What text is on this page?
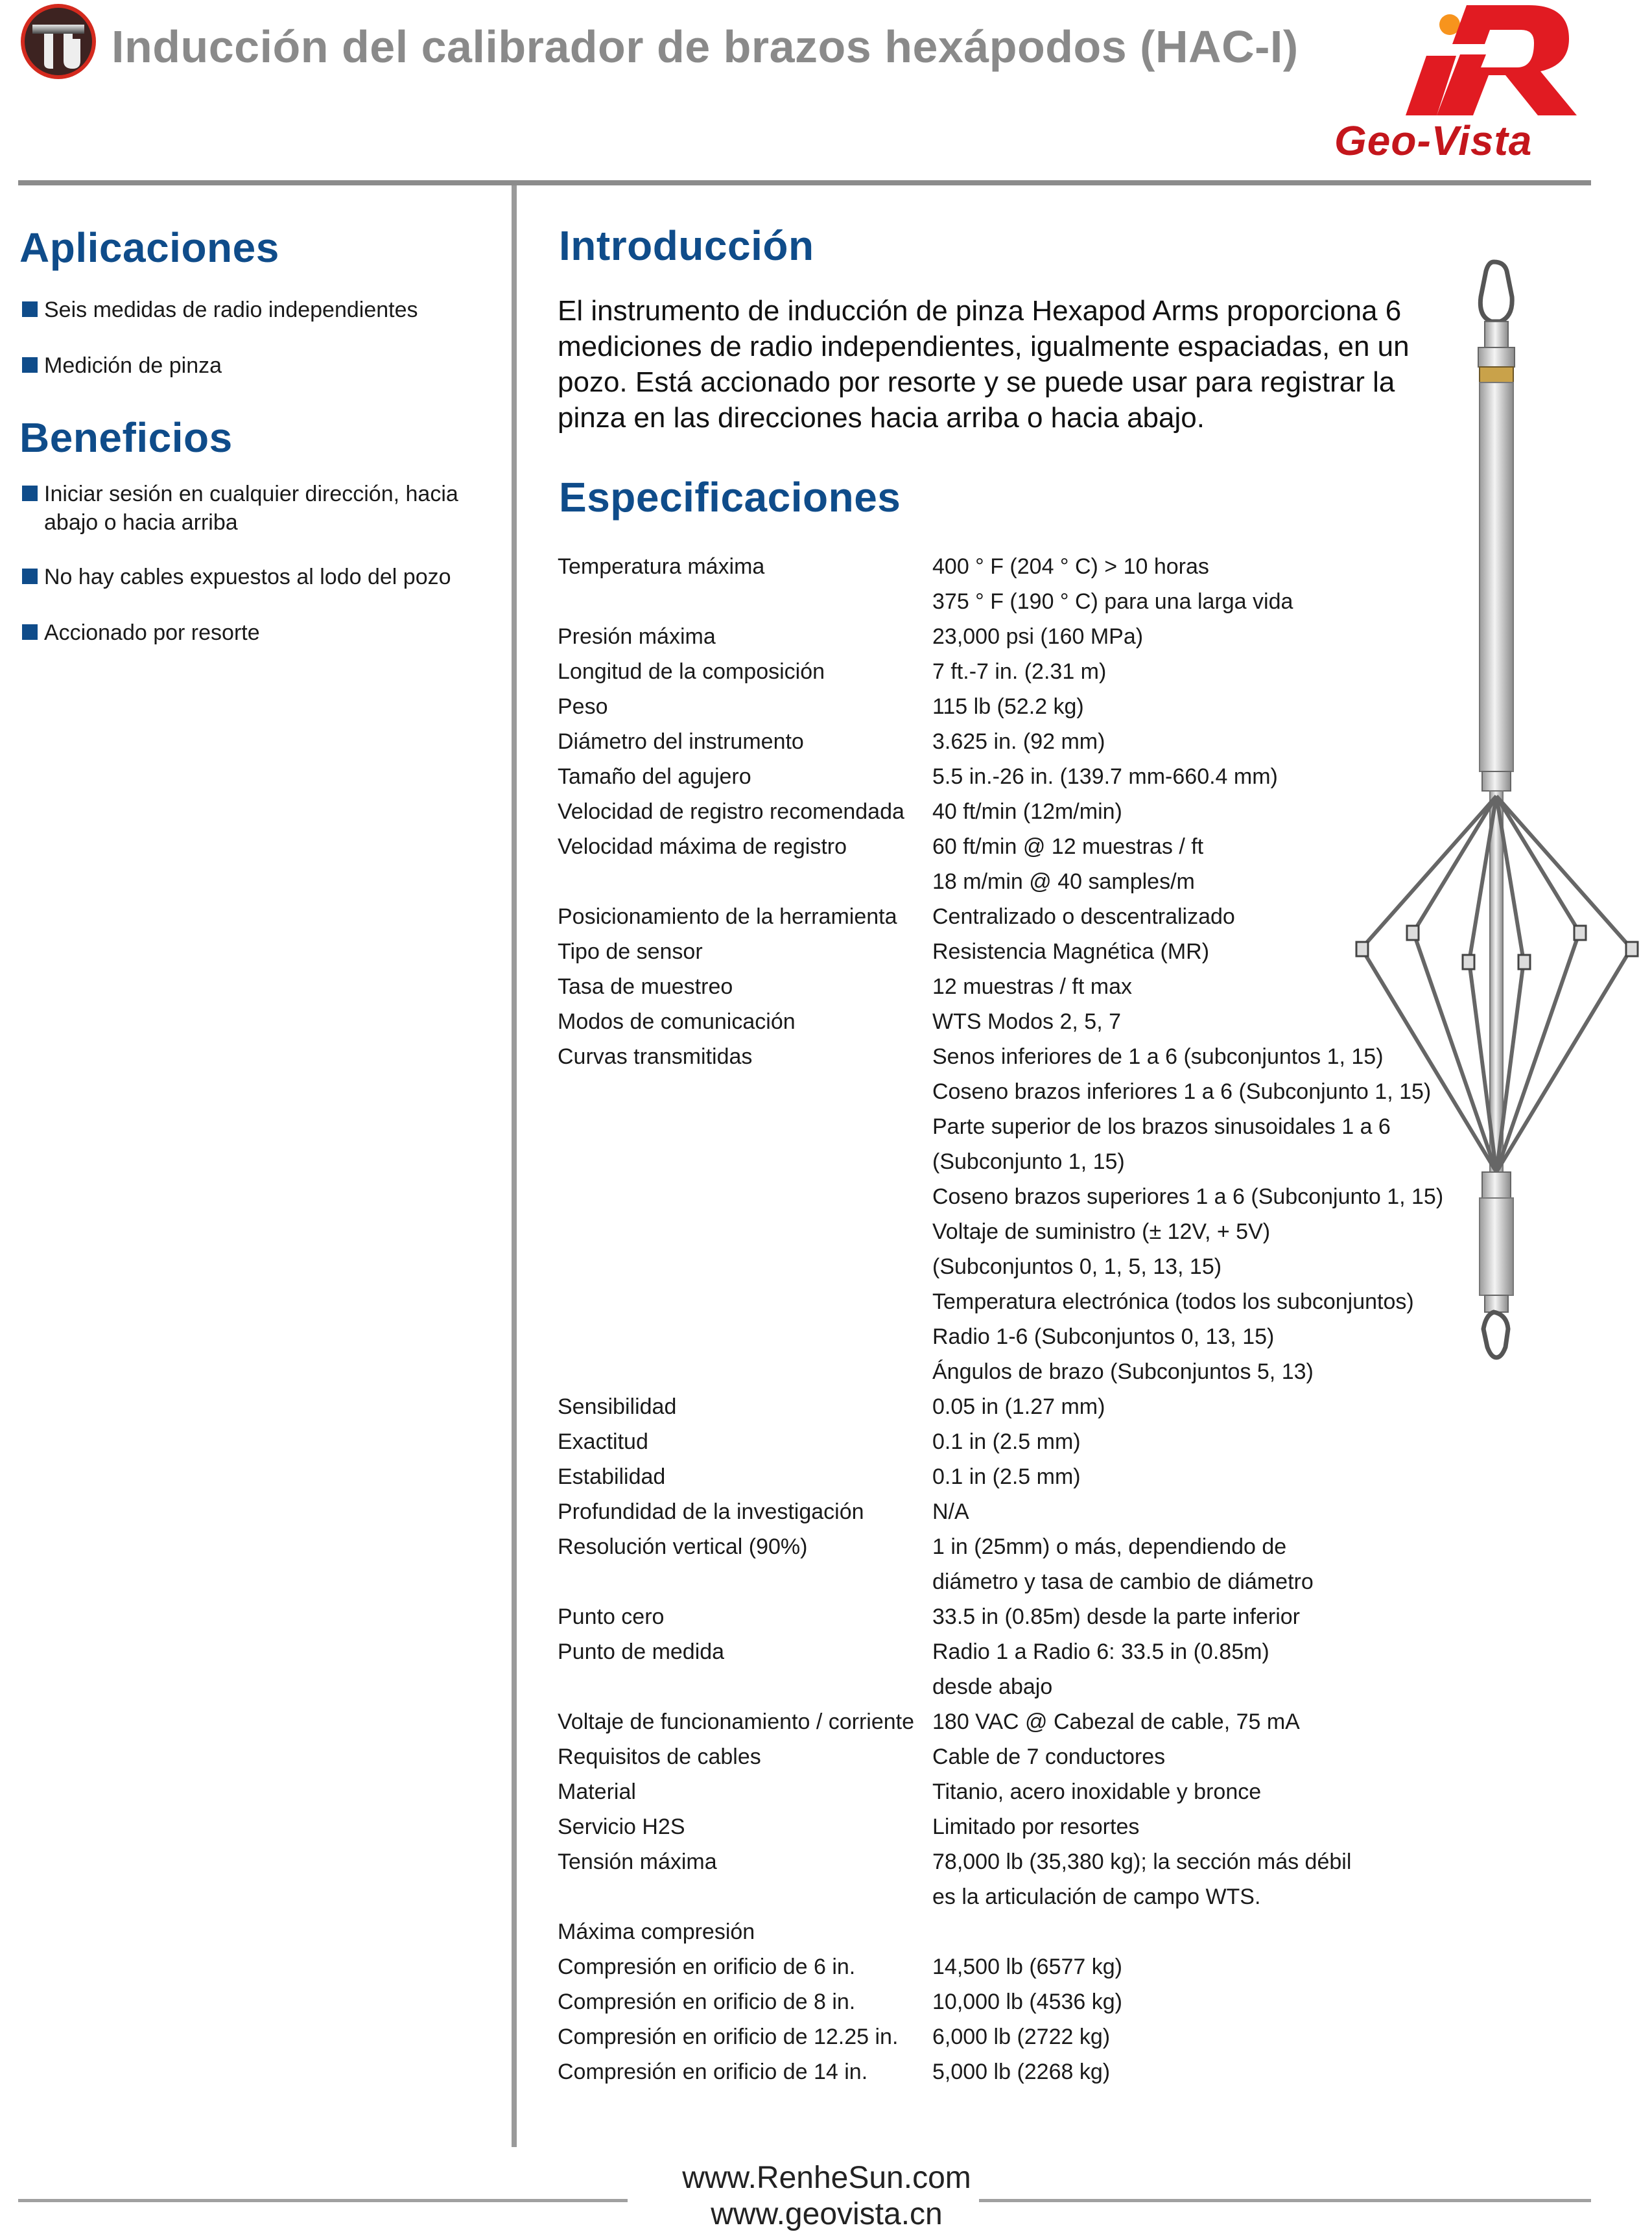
Inducción del calibrador de brazos hexápodos (HAC-I)
Geo-Vista
Aplicaciones
Seis medidas de radio independientes
Medición de pinza
Beneficios
Iniciar sesión en cualquier dirección, hacia
abajo o hacia arriba
No hay cables expuestos al lodo del pozo
Accionado por resorte
Introducción
El instrumento de inducción de pinza Hexapod Arms proporciona 6 mediciones de radio independientes, igualmente espaciadas, en un pozo. Está accionado por resorte y se puede usar para registrar la pinza en las direcciones hacia arriba o hacia abajo.
Especificaciones
Temperatura máxima
Presión máxima
Longitud de la composición
Peso
Diámetro del instrumento
Tamaño del agujero
Velocidad de registro recomendada
Velocidad máxima de registro
Posicionamiento de la herramienta
Tipo de sensor
Tasa de muestreo
Modos de comunicación
Curvas transmitidas
Sensibilidad
Exactitud
Estabilidad
Profundidad de la investigación
Resolución vertical (90%)
Punto cero
Punto de medida
Voltaje de funcionamiento / corriente
Requisitos de cables
Material
Servicio H2S
Tensión máxima
Máxima compresión
Compresión en orificio de 6 in.
Compresión en orificio de 8 in.
Compresión en orificio de 12.25 in.
Compresión en orificio de 14 in.
400 ° F (204 ° C) > 10 horas
375 ° F (190 ° C) para una larga vida
23,000 psi (160 MPa)
7 ft.-7 in. (2.31 m)
115 lb (52.2 kg)
3.625 in. (92 mm)
5.5 in.-26 in. (139.7 mm-660.4 mm)
40 ft/min (12m/min)
60 ft/min @ 12 muestras / ft
18 m/min @ 40 samples/m
Centralizado o descentralizado
Resistencia Magnética (MR)
12 muestras / ft max
WTS Modos 2, 5, 7
Senos inferiores de 1 a 6 (subconjuntos 1, 15)
Coseno brazos inferiores 1 a 6 (Subconjunto 1, 15)
Parte superior de los brazos sinusoidales 1 a 6
(Subconjunto 1, 15)
Coseno brazos superiores 1 a 6 (Subconjunto 1, 15)
Voltaje de suministro (± 12V, + 5V)
(Subconjuntos 0, 1, 5, 13, 15)
Temperatura electrónica (todos los subconjuntos)
Radio 1-6 (Subconjuntos 0, 13, 15)
Ángulos de brazo (Subconjuntos 5, 13)
0.05 in (1.27 mm)
0.1 in (2.5 mm)
0.1 in (2.5 mm)
N/A
1 in (25mm) o más, dependiendo de
diámetro y tasa de cambio de diámetro
33.5 in (0.85m) desde la parte inferior
Radio 1 a Radio 6: 33.5 in (0.85m)
desde abajo
180 VAC @ Cabezal de cable, 75 mA
Cable de 7 conductores
Titanio, acero inoxidable y bronce
Limitado por resortes
78,000 lb (35,380 kg); la sección más débil
es la articulación de campo WTS.
14,500 lb (6577 kg)
10,000 lb (4536 kg)
6,000 lb (2722 kg)
5,000 lb (2268 kg)
www.RenheSun.com
www.geovista.cn
